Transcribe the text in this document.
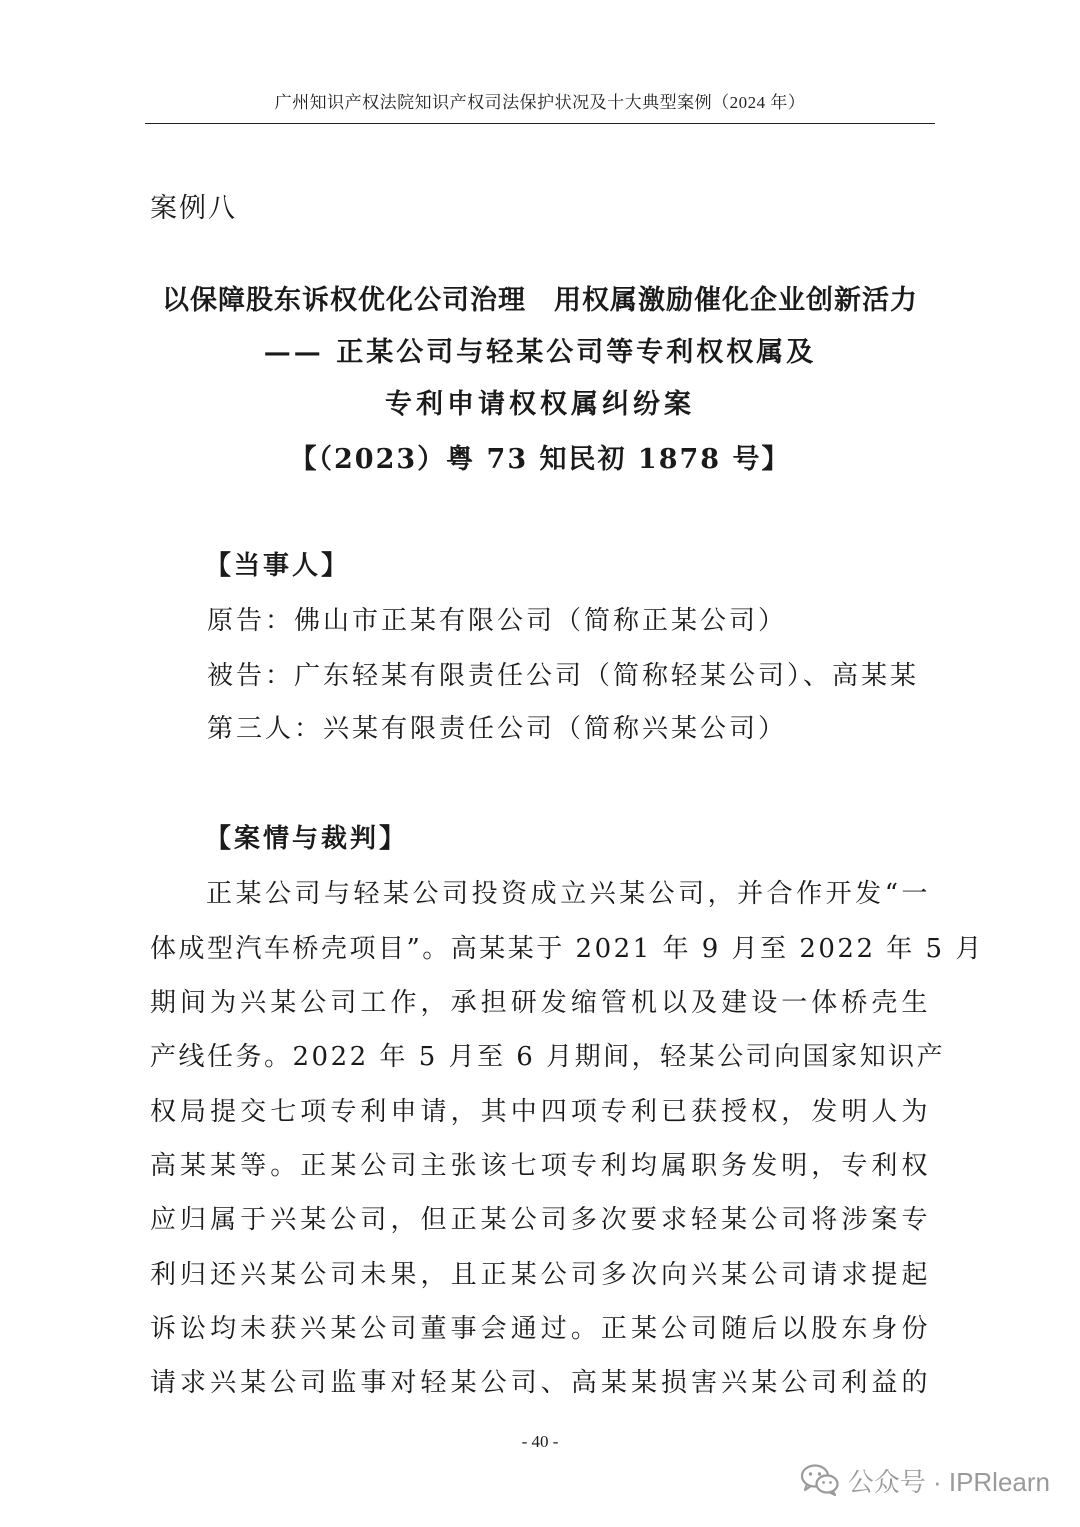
广州知识产权法院知识产权司法保护状况及十大典型案例（2024 年）
案例八
以保障股东诉权优化公司治理　用权属激励催化企业创新活力
—— 正某公司与轻某公司等专利权权属及
专利申请权权属纠纷案
【（2023）粤 73 知民初 1878 号】
【当事人】
原告：佛山市正某有限公司（简称正某公司）
被告：广东轻某有限责任公司（简称轻某公司）、高某某
第三人：兴某有限责任公司（简称兴某公司）
【案情与裁判】
正某公司与轻某公司投资成立兴某公司，并合作开发“一
体成型汽车桥壳项目”。高某某于 2021 年 9 月至 2022 年 5 月
期间为兴某公司工作，承担研发缩管机以及建设一体桥壳生
产线任务。2022 年 5 月至 6 月期间，轻某公司向国家知识产
权局提交七项专利申请，其中四项专利已获授权，发明人为
高某某等。正某公司主张该七项专利均属职务发明，专利权
应归属于兴某公司，但正某公司多次要求轻某公司将涉案专
利归还兴某公司未果，且正某公司多次向兴某公司请求提起
诉讼均未获兴某公司董事会通过。正某公司随后以股东身份
请求兴某公司监事对轻某公司、高某某损害兴某公司利益的
- 40 -
公众号 · IPRlearn
